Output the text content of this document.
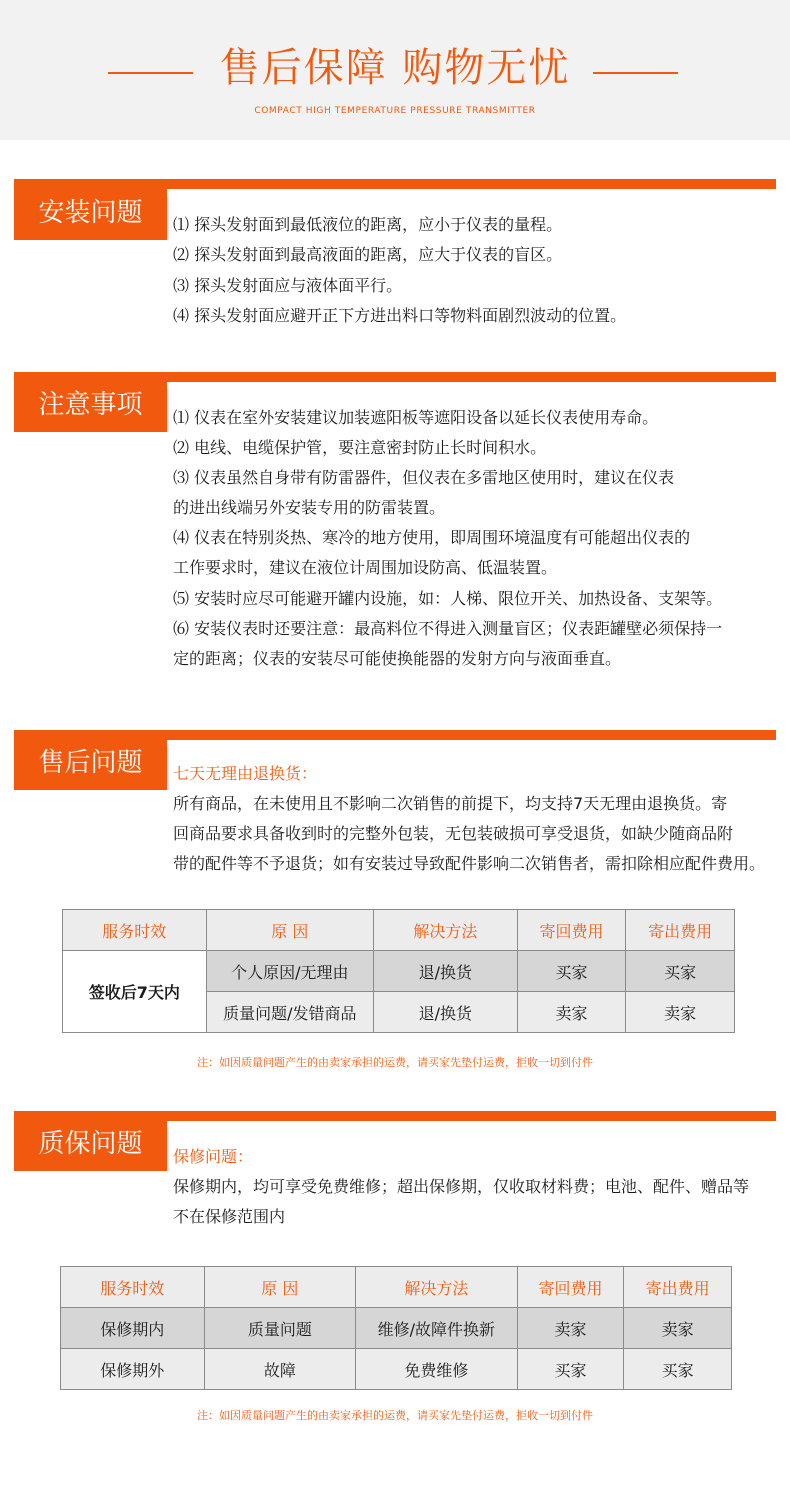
售后保障 购物无忧
COMPACT HIGH TEMPERATURE PRESSURE TRANSMITTER
安装问题	⑴ 探头发射面到最低液位的距离，应小于仪表的量程。
⑵ 探头发射面到最高液面的距离，应大于仪表的盲区。
⑶ 探头发射面应与液体面平行。
⑷ 探头发射面应避开正下方进出料口等物料面剧烈波动的位置。
注意事项	⑴ 仪表在室外安装建议加装遮阳板等遮阳设备以延长仪表使用寿命。
⑵ 电线、电缆保护管，要注意密封防止长时间积水。
⑶ 仪表虽然自身带有防雷器件，但仪表在多雷地区使用时，建议在仪表
的进出线端另外安装专用的防雷装置。
⑷ 仪表在特别炎热、寒冷的地方使用，即周围环境温度有可能超出仪表的
工作要求时，建议在液位计周围加设防高、低温装置。
⑸ 安装时应尽可能避开罐内设施，如：人梯、限位开关、加热设备、支架等。
⑹ 安装仪表时还要注意：最高料位不得进入测量盲区；仪表距罐壁必须保持一
定的距离；仪表的安装尽可能使换能器的发射方向与液面垂直。
售后问题	七天无理由退换货：
所有商品，在未使用且不影响二次销售的前提下，均支持7天无理由退换货。寄
回商品要求具备收到时的完整外包装，无包装破损可享受退货，如缺少随商品附
带的配件等不予退货；如有安装过导致配件影响二次销售者，需扣除相应配件费用。
服务时效	原 因	解决方法	寄回费用	寄出费用
签收后7天内	个人原因/无理由	退/换货	买家	买家
	质量问题/发错商品	退/换货	卖家	卖家
注：如因质量问题产生的由卖家承担的运费，请买家先垫付运费，拒收一切到付件
质保问题	保修问题：
保修期内，均可享受免费维修；超出保修期，仅收取材料费；电池、配件、赠品等
不在保修范围内
服务时效	原 因	解决方法	寄回费用	寄出费用
保修期内	质量问题	维修/故障件换新	卖家	卖家
保修期外	故障	免费维修	买家	买家
注：如因质量问题产生的由卖家承担的运费，请买家先垫付运费，拒收一切到付件
